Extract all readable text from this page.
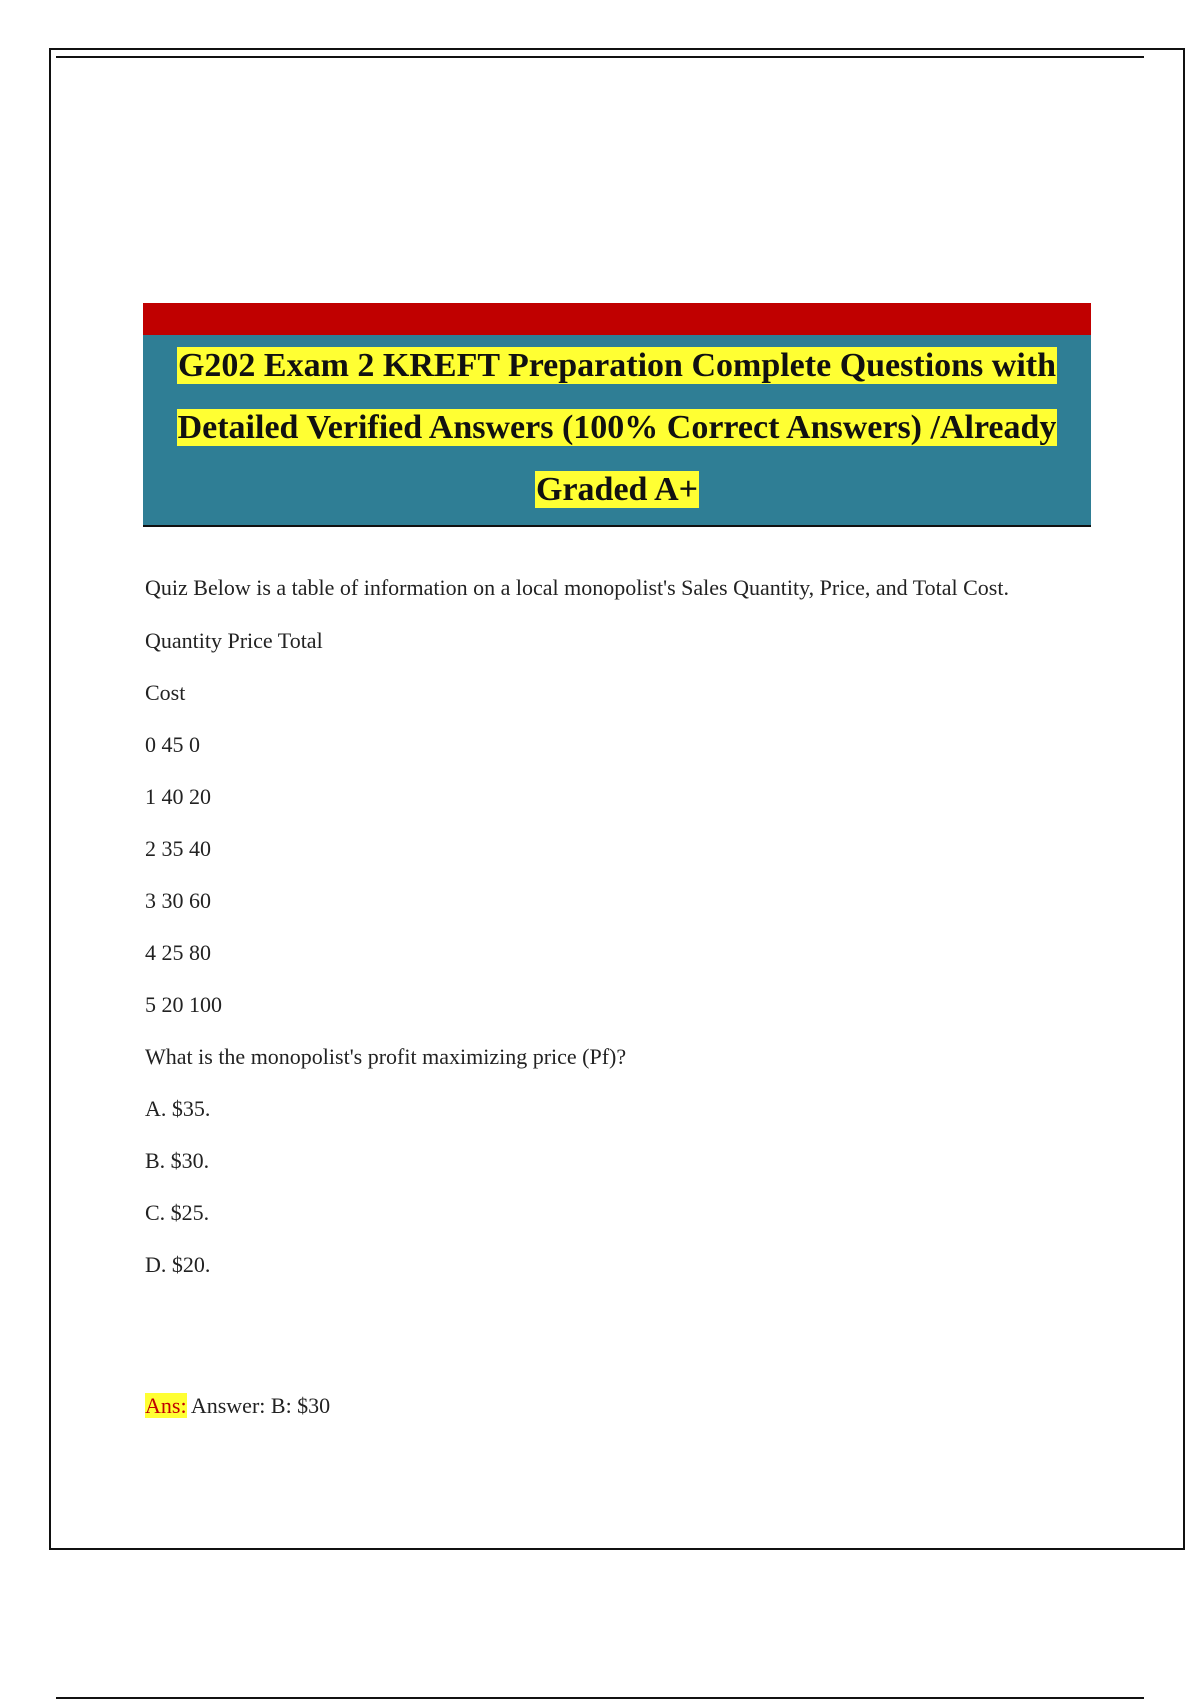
G202 Exam 2 KREFT Preparation Complete Questions with
Detailed Verified Answers (100% Correct Answers) /Already
Graded A+

Quiz Below is a table of information on a local monopolist's Sales Quantity, Price, and Total Cost.

Quantity Price Total
Cost
0 45 0
1 40 20
2 35 40
3 30 60
4 25 80
5 20 100
What is the monopolist's profit maximizing price (Pf)?
A. $35.
B. $30.
C. $25.
D. $20.
Ans: Answer: B: $30
